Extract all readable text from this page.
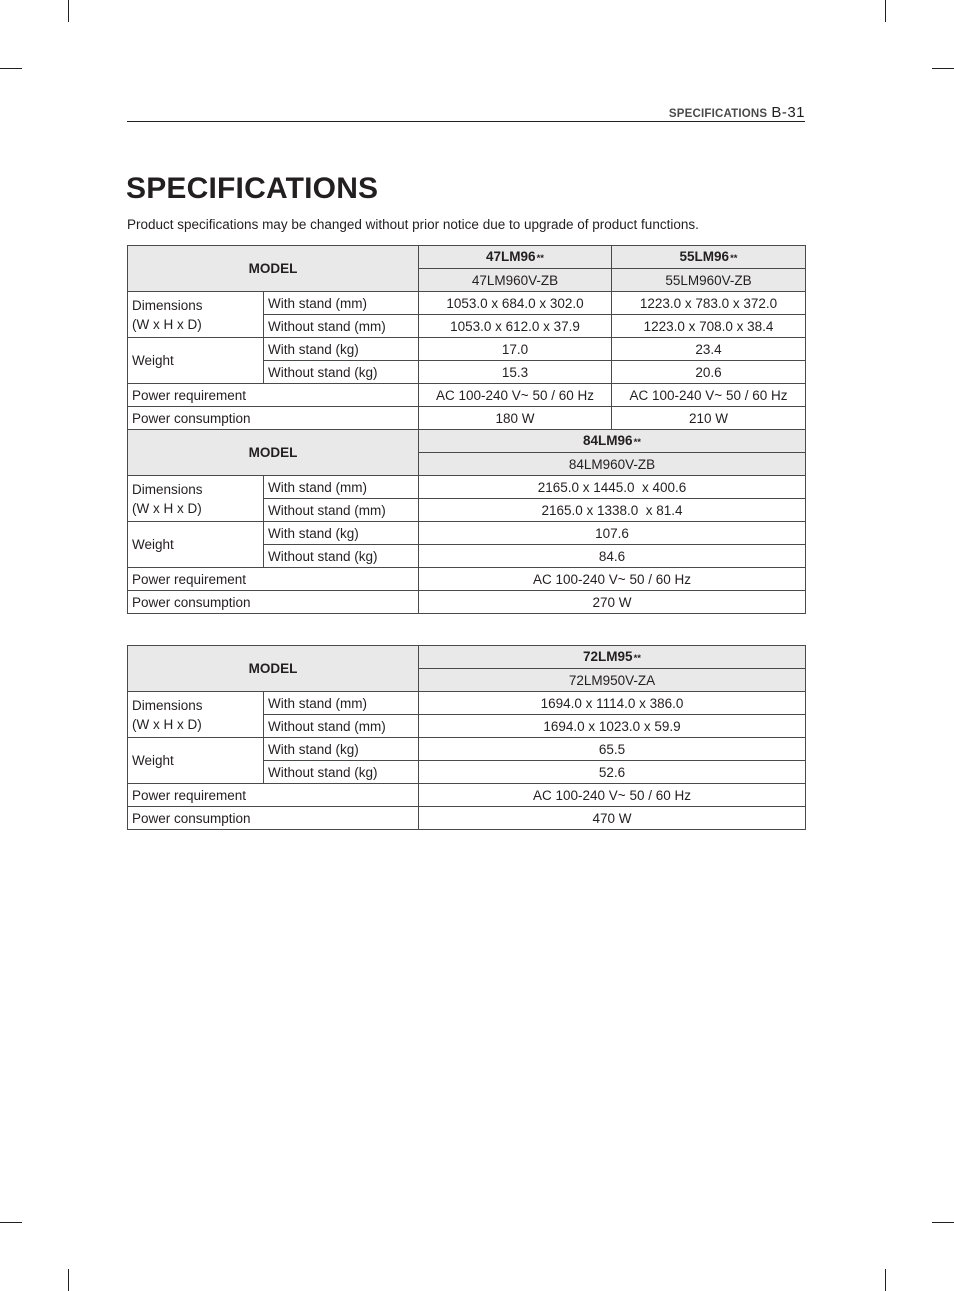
SPECIFICATIONS B-31
SPECIFICATIONS

Product specifications may be changed without prior notice due to upgrade of product functions.

MODEL		47LM96**	55LM96**
		47LM960V-ZB	55LM960V-ZB
Dimensions
(W x H x D)	With stand (mm)	1053.0 x 684.0 x 302.0	1223.0 x 783.0 x 372.0
	Without stand (mm)	1053.0 x 612.0 x 37.9	1223.0 x 708.0 x 38.4
Weight	With stand (kg)	17.0	23.4
	Without stand (kg)	15.3	20.6
Power requirement		AC 100-240 V~ 50 / 60 Hz	AC 100-240 V~ 50 / 60 Hz
Power consumption		180 W	210 W
MODEL		84LM96**	
		84LM960V-ZB	
Dimensions
(W x H x D)	With stand (mm)	2165.0 x 1445.0  x 400.6	
	Without stand (mm)	2165.0 x 1338.0  x 81.4	
Weight	With stand (kg)	107.6	
	Without stand (kg)	84.6	
Power requirement		AC 100-240 V~ 50 / 60 Hz	
Power consumption		270 W	
MODEL		72LM95**
		72LM950V-ZA
Dimensions
(W x H x D)	With stand (mm)	1694.0 x 1114.0 x 386.0
	Without stand (mm)	1694.0 x 1023.0 x 59.9
Weight	With stand (kg)	65.5
	Without stand (kg)	52.6
Power requirement		AC 100-240 V~ 50 / 60 Hz
Power consumption		470 W
